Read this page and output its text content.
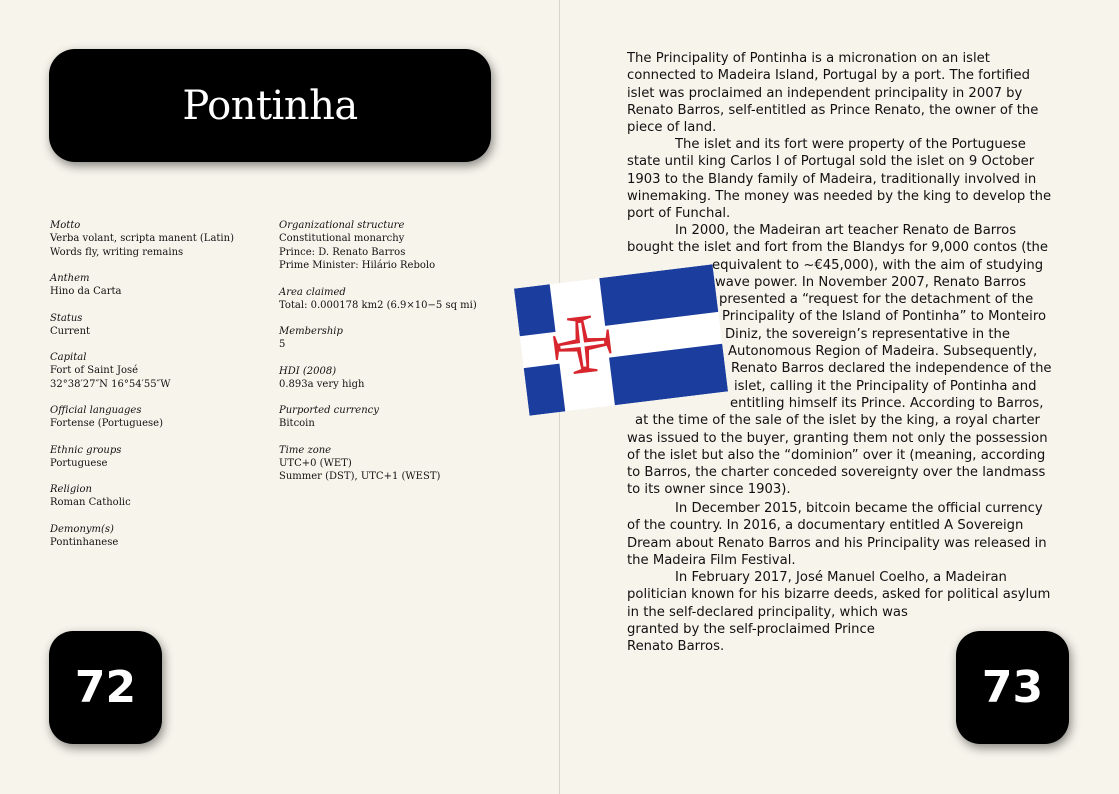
Pontinha
Motto
Verba volant, scripta manent (Latin)
Words fly, writing remains
Anthem
Hino da Carta
Status
Current
Capital
Fort of Saint José
32°38′27″N 16°54′55″W
Official languages
Fortense (Portuguese)
Ethnic groups
Portuguese
Religion
Roman Catholic
Demonym(s)
Pontinhanese
Organizational structure
Constitutional monarchy
Prince: D. Renato Barros
Prime Minister: Hilário Rebolo
Area claimed
Total: 0.000178 km2 (6.9×10−5 sq mi)
Membership
5
HDI (2008)
0.893a very high
Purported currency
Bitcoin
Time zone
UTC+0 (WET)
Summer (DST), UTC+1 (WEST)
72
The Principality of Pontinha is a micronation on an islet
connected to Madeira Island, Portugal by a port. The fortified
islet was proclaimed an independent principality in 2007 by
Renato Barros, self-entitled as Prince Renato, the owner of the
piece of land.
The islet and its fort were property of the Portuguese
state until king Carlos I of Portugal sold the islet on 9 October
1903 to the Blandy family of Madeira, traditionally involved in
winemaking. The money was needed by the king to develop the
port of Funchal.
In 2000, the Madeiran art teacher Renato de Barros
bought the islet and fort from the Blandys for 9,000 contos (the
equivalent to ~€45,000), with the aim of studying
wave power. In November 2007, Renato Barros
presented a “request for the detachment of the
Principality of the Island of Pontinha” to Monteiro
Diniz, the sovereign’s representative in the
Autonomous Region of Madeira. Subsequently,
Renato Barros declared the independence of the
islet, calling it the Principality of Pontinha and
entitling himself its Prince. According to Barros,
at the time of the sale of the islet by the king, a royal charter
was issued to the buyer, granting them not only the possession
of the islet but also the “dominion” over it (meaning, according
to Barros, the charter conceded sovereignty over the landmass
to its owner since 1903).
In December 2015, bitcoin became the official currency
of the country. In 2016, a documentary entitled A Sovereign
Dream about Renato Barros and his Principality was released in
the Madeira Film Festival.
In February 2017, José Manuel Coelho, a Madeiran
politician known for his bizarre deeds, asked for political asylum
in the self-declared principality, which was
granted by the self-proclaimed Prince
Renato Barros.
73
